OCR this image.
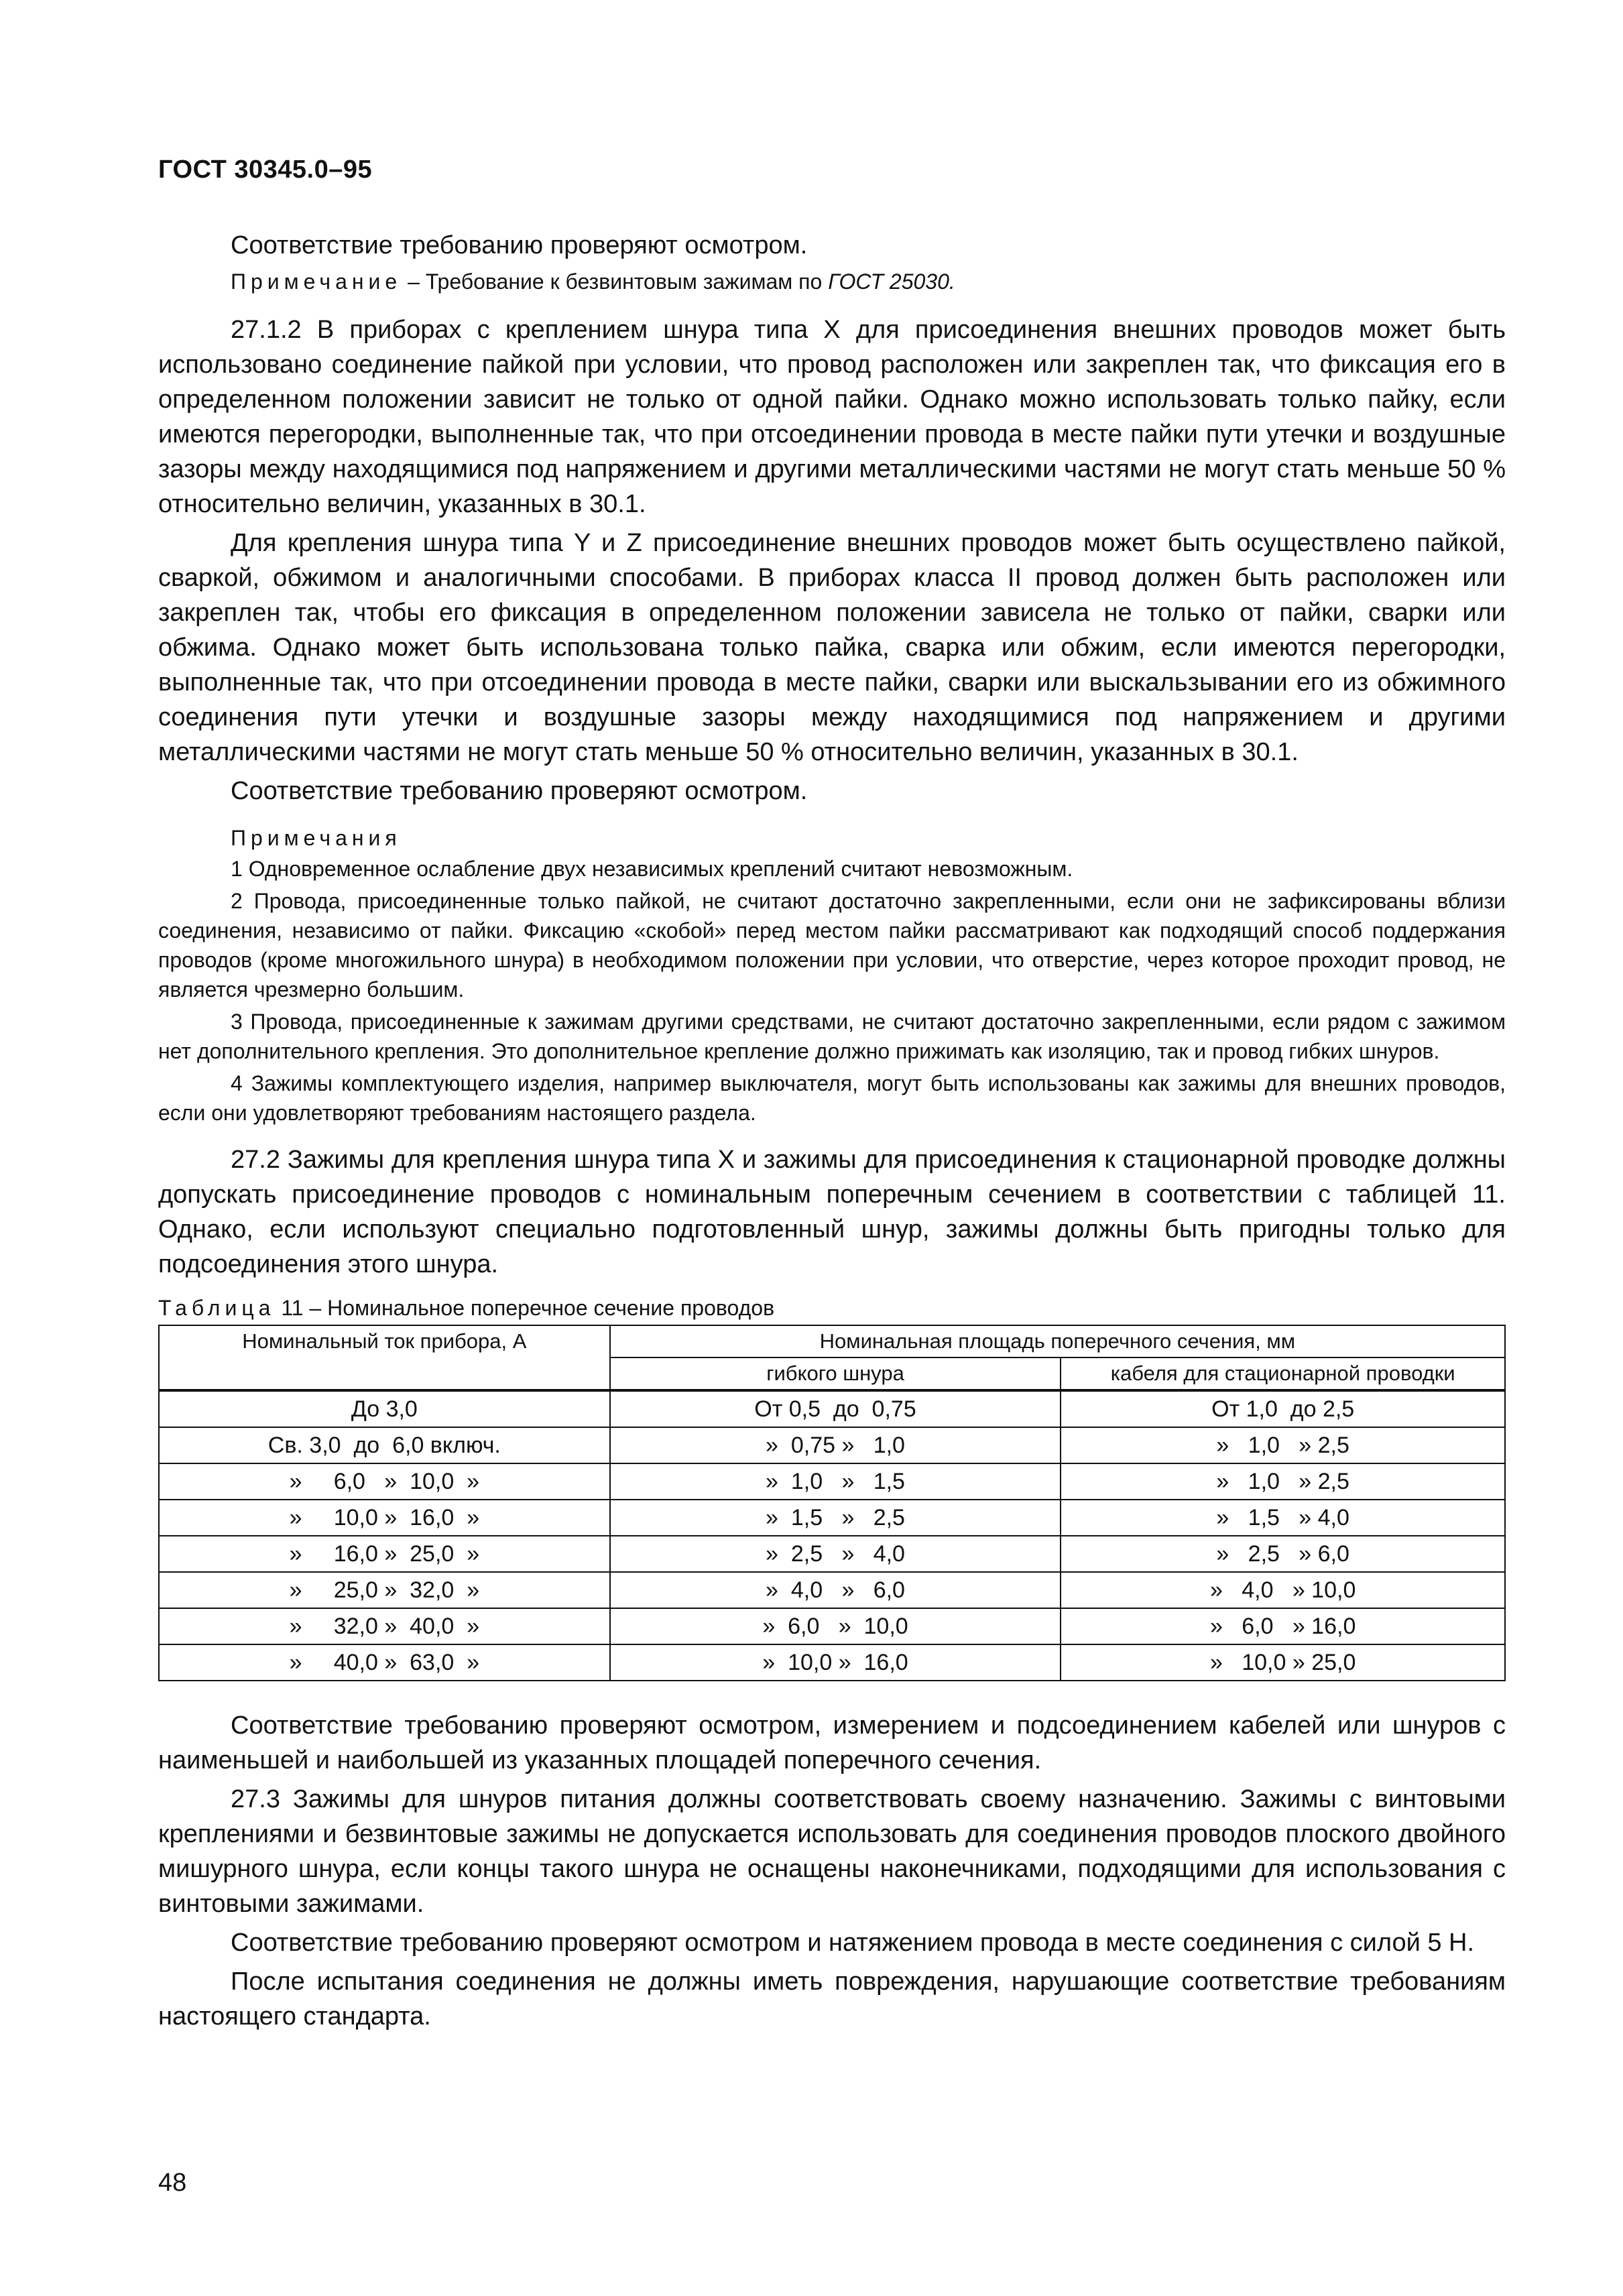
ГОСТ 30345.0–95

Соответствие требованию проверяют осмотром.

Примечание – Требование к безвинтовым зажимам по ГОСТ 25030.

27.1.2 В приборах с креплением шнура типа X для присоединения внешних проводов может быть использовано соединение пайкой при условии, что провод расположен или закреплен так, что фиксация его в определенном положении зависит не только от одной пайки. Однако можно использовать только пайку, если имеются перегородки, выполненные так, что при отсоединении провода в месте пайки пути утечки и воздушные зазоры между находящимися под напряжением и другими металлическими частями не могут стать меньше 50 % относительно величин, указанных в 30.1.

Для крепления шнура типа Y и Z присоединение внешних проводов может быть осуществлено пайкой, сваркой, обжимом и аналогичными способами. В приборах класса II провод должен быть расположен или закреплен так, чтобы его фиксация в определенном положении зависела не только от пайки, сварки или обжима. Однако может быть использована только пайка, сварка или обжим, если имеются перегородки, выполненные так, что при отсоединении провода в месте пайки, сварки или выскальзывании его из обжимного соединения пути утечки и воздушные зазоры между находящимися под напряжением и другими металлическими частями не могут стать меньше 50 % относительно величин, указанных в 30.1.

Соответствие требованию проверяют осмотром.

Примечания

1 Одновременное ослабление двух независимых креплений считают невозможным.

2 Провода, присоединенные только пайкой, не считают достаточно закрепленными, если они не зафиксированы вблизи соединения, независимо от пайки. Фиксацию «скобой» перед местом пайки рассматривают как подходящий способ поддержания проводов (кроме многожильного шнура) в необходимом положении при условии, что отверстие, через которое проходит провод, не является чрезмерно большим.

3 Провода, присоединенные к зажимам другими средствами, не считают достаточно закрепленными, если рядом с зажимом нет дополнительного крепления. Это дополнительное крепление должно прижимать как изоляцию, так и провод гибких шнуров.

4 Зажимы комплектующего изделия, например выключателя, могут быть использованы как зажимы для внешних проводов, если они удовлетворяют требованиям настоящего раздела.

27.2 Зажимы для крепления шнура типа X и зажимы для присоединения к стационарной проводке должны допускать присоединение проводов с номинальным поперечным сечением в соответствии с таблицей 11. Однако, если используют специально подготовленный шнур, зажимы должны быть пригодны только для подсоединения этого шнура.

Таблица 11 – Номинальное поперечное сечение проводов

Номинальный ток прибора, А	Номинальная площадь поперечного сечения, мм	
	гибкого шнура	кабеля для стационарной проводки
До 3,0	От 0,5  до  0,75	От 1,0  до 2,5
Св. 3,0  до  6,0 включ.	»  0,75 »   1,0	»   1,0   » 2,5
»     6,0   »  10,0  »	»  1,0   »   1,5	»   1,0   » 2,5
»     10,0 »  16,0  »	»  1,5   »   2,5	»   1,5   » 4,0
»     16,0 »  25,0  »	»  2,5   »   4,0	»   2,5   » 6,0
»     25,0 »  32,0  »	»  4,0   »   6,0	»   4,0   » 10,0
»     32,0 »  40,0  »	»  6,0   »  10,0	»   6,0   » 16,0
»     40,0 »  63,0  »	»  10,0 »  16,0	»   10,0 » 25,0

Соответствие требованию проверяют осмотром, измерением и подсоединением кабелей или шнуров с наименьшей и наибольшей из указанных площадей поперечного сечения.

27.3 Зажимы для шнуров питания должны соответствовать своему назначению. Зажимы с винтовыми креплениями и безвинтовые зажимы не допускается использовать для соединения проводов плоского двойного мишурного шнура, если концы такого шнура не оснащены наконечниками, подходящими для использования с винтовыми зажимами.

Соответствие требованию проверяют осмотром и натяжением провода в месте соединения с силой 5 Н.

После испытания соединения не должны иметь повреждения, нарушающие соответствие требованиям настоящего стандарта.

48
